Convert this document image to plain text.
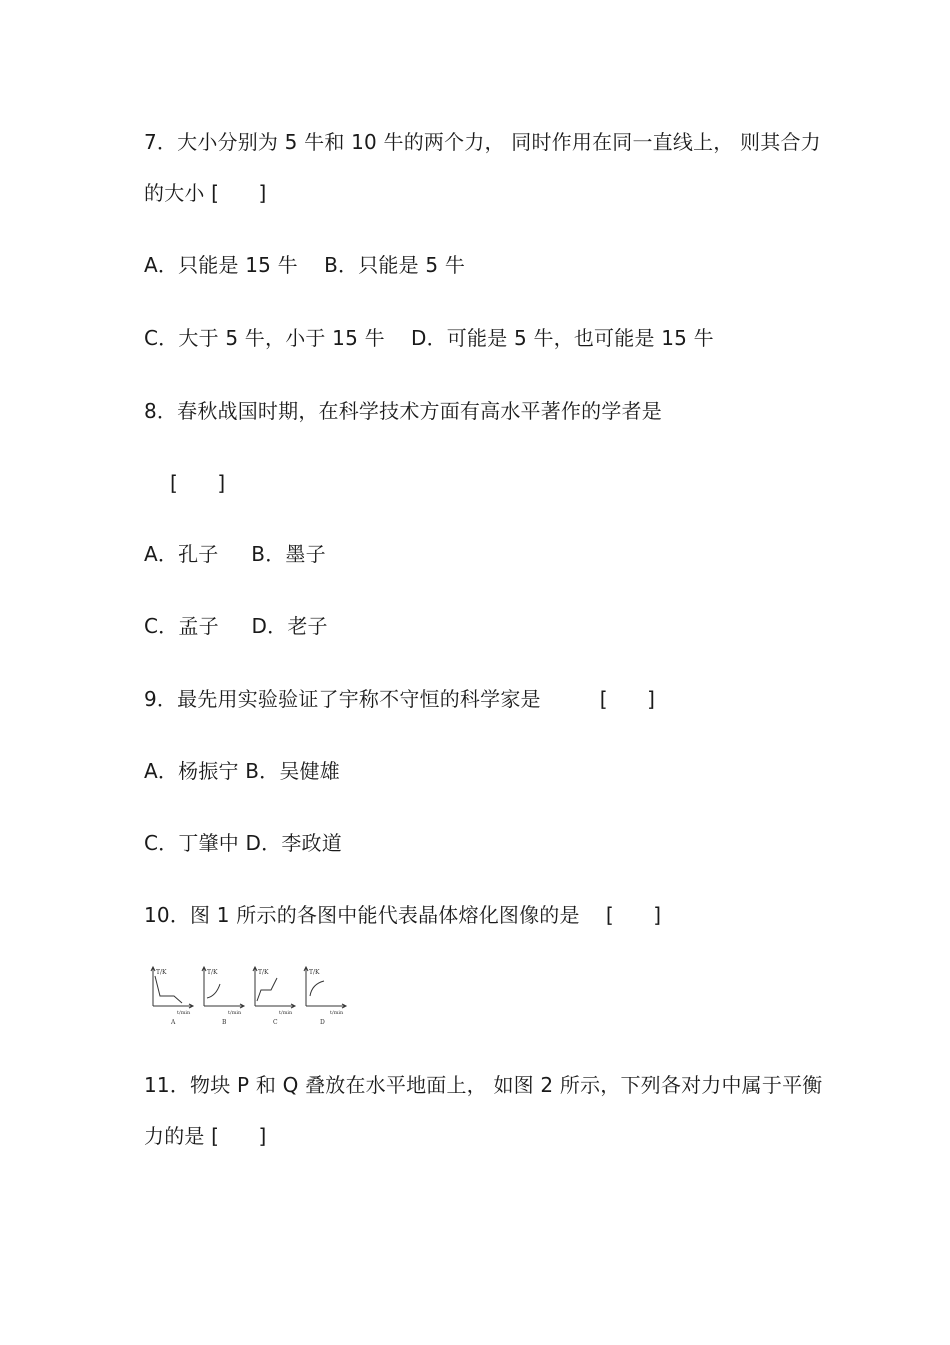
7．大小分别为 5 牛和 10 牛的两个力， 同时作用在同一直线上， 则其合力
的大小 [      ]
A．只能是 15 牛    B．只能是 5 牛
C．大于 5 牛，小于 15 牛    D．可能是 5 牛，也可能是 15 牛
8．春秋战国时期，在科学技术方面有高水平著作的学者是
[      ]
A．孔子     B．墨子
C．孟子     D．老子
9．最先用实验验证了宇称不守恒的科学家是         [      ]
A．杨振宁 B．吴健雄
C．丁肇中 D．李政道
10．图 1 所示的各图中能代表晶体熔化图像的是    [      ]
T/K	T/K	T/K	T/K
t/min	t/min	t/min	t/min
A	B	C	D
11．物块 P 和 Q 叠放在水平地面上， 如图 2 所示，下列各对力中属于平衡
力的是 [      ]
